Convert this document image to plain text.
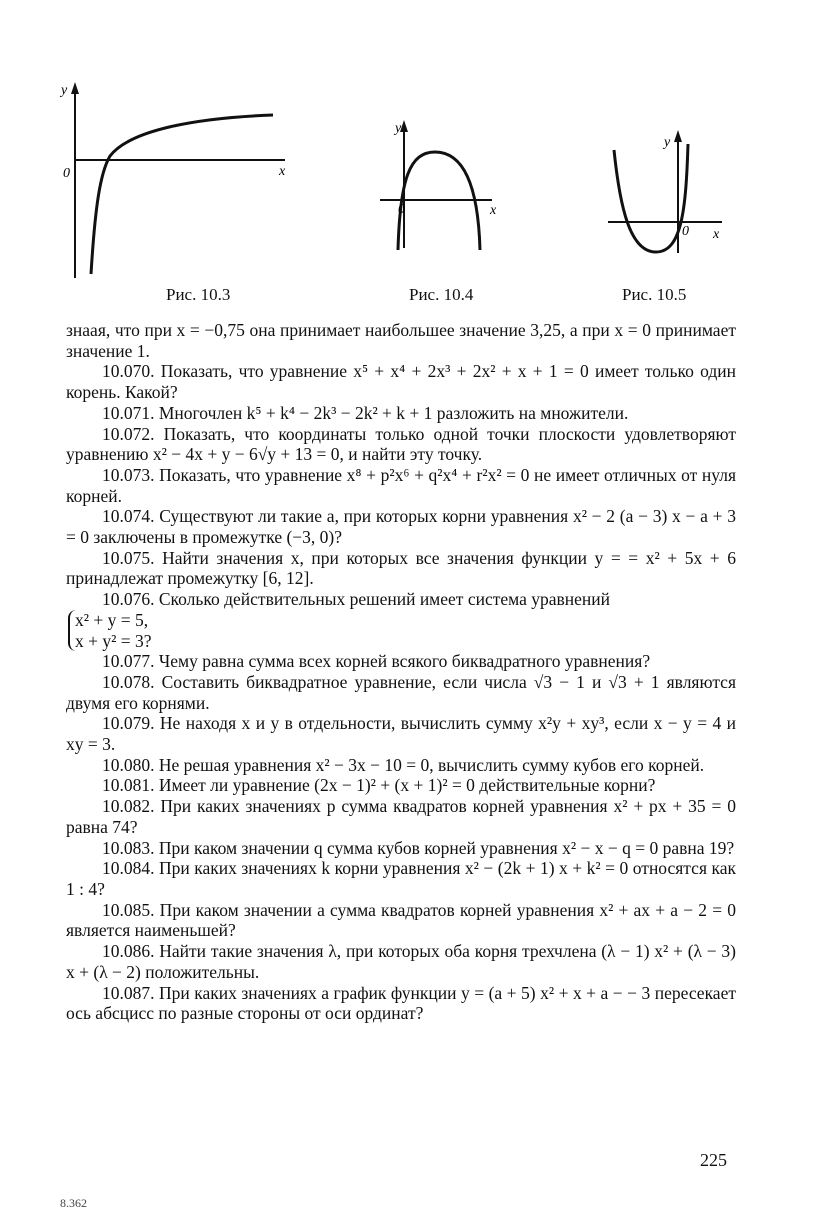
y
0	x
Рис. 10.3
y
0	x
Рис. 10.4
y
0 x
Рис. 10.5

знаая, что при x = −0,75 она принимает наибольшее значение 3,25, а при x = 0 принимает значение 1.

10.070. Показать, что уравнение x⁵ + x⁴ + 2x³ + 2x² + x + 1 = 0 имеет только один корень. Какой?

10.071. Многочлен k⁵ + k⁴ − 2k³ − 2k² + k + 1 разложить на множители.

10.072. Показать, что координаты только одной точки плоскости удовлетворяют уравнению x² − 4x + y − 6√y + 13 = 0, и найти эту точку.

10.073. Показать, что уравнение x⁸ + p²x⁶ + q²x⁴ + r²x² = 0 не имеет отличных от нуля корней.

10.074. Существуют ли такие a, при которых корни уравнения x² − 2 (a − 3) x − a + 3 = 0 заключены в промежутке (−3, 0)?

10.075. Найти значения x, при которых все значения функции y = = x² + 5x + 6 принадлежат промежутку [6, 12].

10.076. Сколько действительных решений имеет система уравнений

x² + y = 5,
x + y² = 3?

10.077. Чему равна сумма всех корней всякого биквадратного уравнения?

10.078. Составить биквадратное уравнение, если числа √3 − 1 и √3 + 1 являются двумя его корнями.

10.079. Не находя x и y в отдельности, вычислить сумму x²y + xy³, если x − y = 4 и xy = 3.

10.080. Не решая уравнения x² − 3x − 10 = 0, вычислить сумму кубов его корней.

10.081. Имеет ли уравнение (2x − 1)² + (x + 1)² = 0 действительные корни?

10.082. При каких значениях p сумма квадратов корней уравнения x² + px + 35 = 0 равна 74?

10.083. При каком значении q сумма кубов корней уравнения x² − x − q = 0 равна 19?

10.084. При каких значениях k корни уравнения x² − (2k + 1) x + k² = 0 относятся как 1 : 4?

10.085. При каком значении a сумма квадратов корней уравнения x² + ax + a − 2 = 0 является наименьшей?

10.086. Найти такие значения λ, при которых оба корня трехчлена (λ − 1) x² + (λ − 3) x + (λ − 2) положительны.

10.087. При каких значениях a график функции y = (a + 5) x² + x + a − − 3 пересекает ось абсцисс по разные стороны от оси ординат?

225
8.362
